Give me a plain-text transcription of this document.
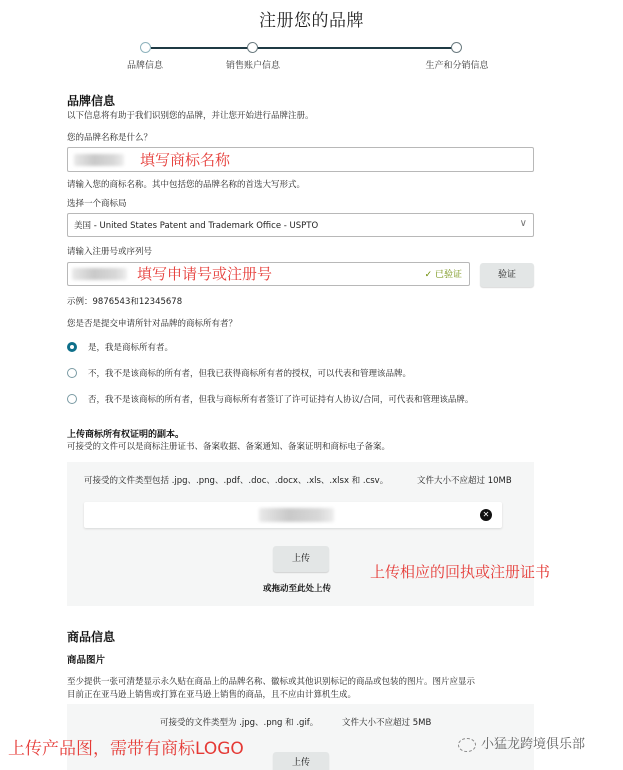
注册您的品牌
品牌信息	销售账户信息	生产和分销信息
品牌信息
以下信息将有助于我们识别您的品牌，并让您开始进行品牌注册。
您的品牌名称是什么？
填写商标名称
请输入您的商标名称。其中包括您的品牌名称的首选大写形式。
选择一个商标局
美国 - United States Patent and Trademark Office - USPTO	∨
请输入注册号或序列号
✓ 已验证
填写申请号或注册号	验证
示例：9876543和12345678
您是否是提交申请所针对品牌的商标所有者？
是，我是商标所有者。
不，我不是该商标的所有者，但我已获得商标所有者的授权，可以代表和管理该品牌。
否，我不是该商标的所有者，但我与商标所有者签订了许可证持有人协议/合同，可代表和管理该品牌。
上传商标所有权证明的副本。
可接受的文件可以是商标注册证书、备案收据、备案通知、备案证明和商标电子备案。
可接受的文件类型包括 .jpg、.png、.pdf、.doc、.docx、.xls、.xlsx 和 .csv。	文件大小不应超过 10MB
✕
上传
或拖动至此处上传
上传相应的回执或注册证书
商品信息
商品图片
至少提供一张可清楚显示永久贴在商品上的品牌名称、徽标或其他识别标记的商品或包装的图片。图片应显示
目前正在亚马逊上销售或打算在亚马逊上销售的商品，且不应由计算机生成。
可接受的文件类型为 .jpg、.png 和 .gif。	文件大小不应超过 5MB
上传
上传产品图，需带有商标LOGO	小猛龙跨境俱乐部
